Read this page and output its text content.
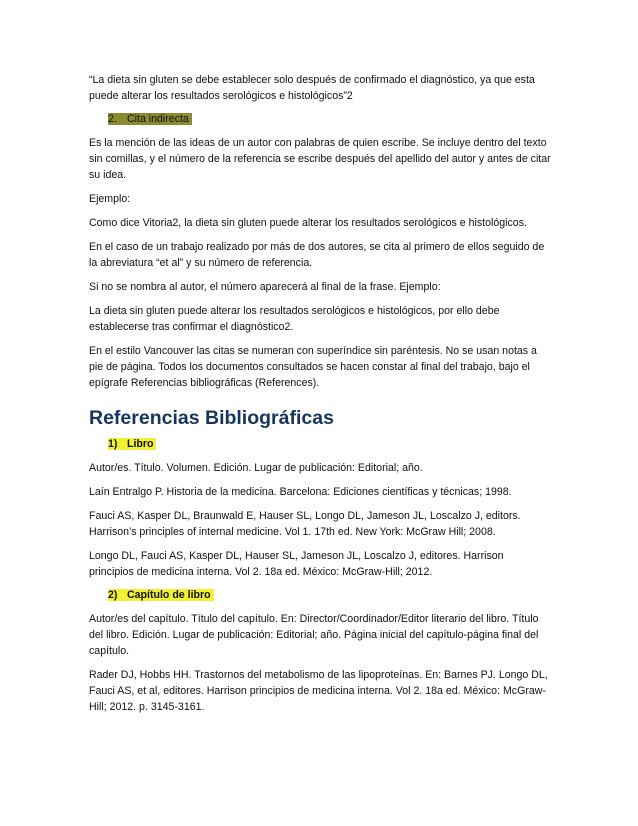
“La dieta sin gluten se debe establecer solo después de confirmado el diagnóstico, ya que esta puede alterar los resultados serológicos e histológicos”2

2. Cita indirecta

Es la mención de las ideas de un autor con palabras de quien escribe. Se incluye dentro del texto sin comillas, y el número de la referencia se escribe después del apellido del autor y antes de citar su idea.

Ejemplo:

Como dice Vitoria2, la dieta sin gluten puede alterar los resultados serológicos e histológicos.

En el caso de un trabajo realizado por más de dos autores, se cita al primero de ellos seguido de la abreviatura “et al” y su número de referencia.

Si no se nombra al autor, el número aparecerá al final de la frase. Ejemplo:

La dieta sin gluten puede alterar los resultados serológicos e histológicos, por ello debe establecerse tras confirmar el diagnóstico2.

En el estilo Vancouver las citas se numeran con superíndice sin paréntesis. No se usan notas a pie de página. Todos los documentos consultados se hacen constar al final del trabajo, bajo el epígrafe Referencias bibliográficas (References).

Referencias Bibliográficas
1) Libro

Autor/es. Título. Volumen. Edición. Lugar de publicación: Editorial; año.

Laín Entralgo P. Historia de la medicina. Barcelona: Ediciones científicas y técnicas; 1998.

Fauci AS, Kasper DL, Braunwald E, Hauser SL, Longo DL, Jameson JL, Loscalzo J, editors. Harrison’s principles of internal medicine. Vol 1. 17th ed. New York: McGraw Hill; 2008.

Longo DL, Fauci AS, Kasper DL, Hauser SL, Jameson JL, Loscalzo J, editores. Harrison principios de medicina interna. Vol 2. 18a ed. México: McGraw-Hill; 2012.

2) Capítulo de libro

Autor/es del capítulo. Título del capítulo. En: Director/Coordinador/Editor literario del libro. Título del libro. Edición. Lugar de publicación: Editorial; año. Página inicial del capítulo-página final del capítulo.

Rader DJ, Hobbs HH. Trastornos del metabolismo de las lipoproteínas. En: Barnes PJ. Longo DL, Fauci AS, et al, editores. Harrison principios de medicina interna. Vol 2. 18a ed. México: McGraw-Hill; 2012. p. 3145-3161.
